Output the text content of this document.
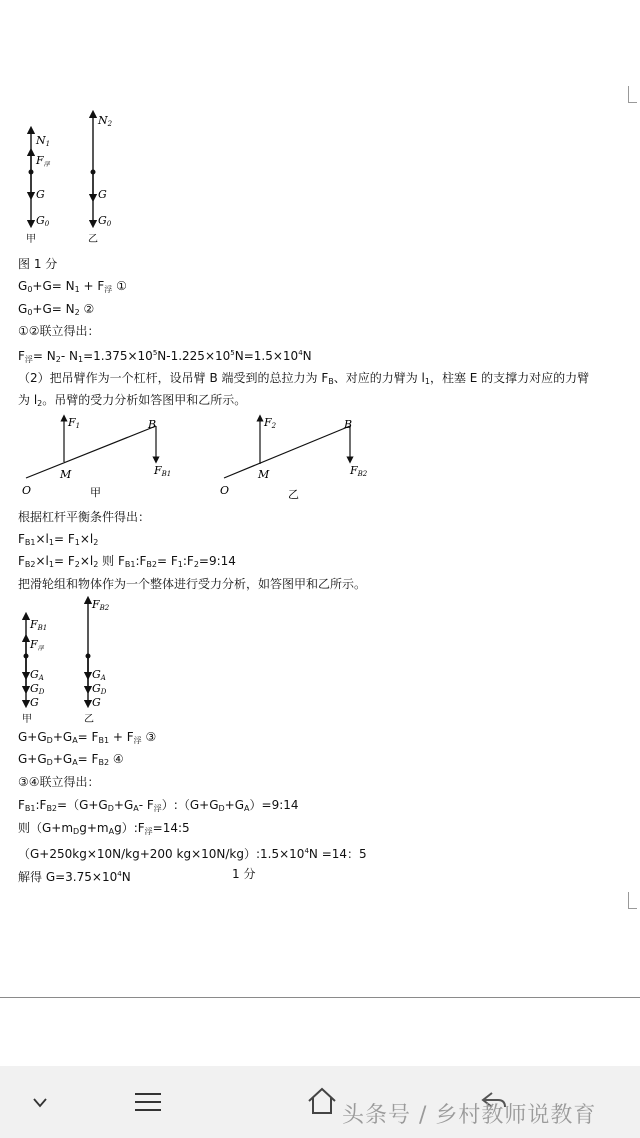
N1
F浮
G
G0
甲
N2
G
G0
乙
图 1 分
$G_0+G= N_1 + F_浮$ ①
$G_0+G= N_2$ ②
①②联立得出：
$F_浮= N_2-$ $N_1=1.375\times 10^5N-1.225\times 10^5N=1.5\times 10^4N$
（2）把吊臂作为一个杠杆，设吊臂 B 端受到的总拉力为 $F_B$、对应的力臂为 $l_1$，柱塞 E 的支撑力对应的力臂
为 $l_2$。吊臂的受力分析如答图甲和乙所示。
F1	B
FB1
M
O	甲
F2	B
FB2
M
O	乙
根据杠杆平衡条件得出：
$F_{B1}\times l_1= F_1\times l_2$
$F_{B2}\times l_1= F_2\times l_2$ 则 $F_{B1}:F_{B2}=$ $F_1:F_2=9:14$
把滑轮组和物体作为一个整体进行受力分析，如答图甲和乙所示。
FB1
F浮
GA
GD
G
甲
FB2
GA
GD
G
乙
$G+G_D+G_A= F_{B1} + F_浮$ ③
$G+G_D+G_A= F_{B2}$ ④
③④联立得出：
$F_{B1}:F_{B2}=(G+G_D+G_A-$ $F_浮):(G+G_D+G_A)=9:14$
则$(G+m_Dg+m_Ag):F_浮=14:5$
（G+250kg×10N/kg+200 $kg\times 10N/kg):1.5\times 10^4N =14$：5
解得 $G=3.75\times 10^4N$	1 分
头条号 / 乡村教师说教育
